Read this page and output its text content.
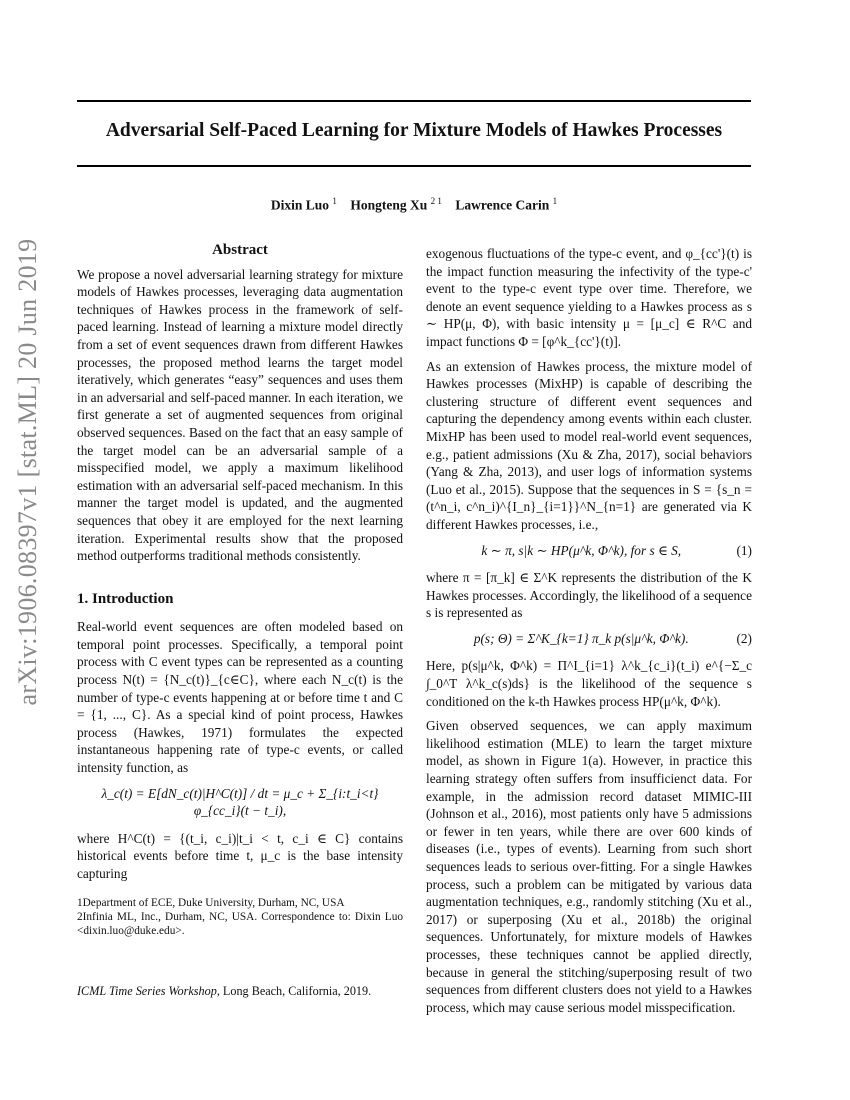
arXiv:1906.08397v1 [stat.ML] 20 Jun 2019
Adversarial Self-Paced Learning for Mixture Models of Hawkes Processes
Dixin Luo $^1$ Hongteng Xu $^{2 1}$ Lawrence Carin $^1$
Abstract

We propose a novel adversarial learning strategy for mixture models of Hawkes processes, leveraging data augmentation techniques of Hawkes process in the framework of self-paced learning. Instead of learning a mixture model directly from a set of event sequences drawn from different Hawkes processes, the proposed method learns the target model iteratively, which generates “easy” sequences and uses them in an adversarial and self-paced manner. In each iteration, we first generate a set of augmented sequences from original observed sequences. Based on the fact that an easy sample of the target model can be an adversarial sample of a misspecified model, we apply a maximum likelihood estimation with an adversarial self-paced mechanism. In this manner the target model is updated, and the augmented sequences that obey it are employed for the next learning iteration. Experimental results show that the proposed method outperforms traditional methods consistently.

1. Introduction

Real-world event sequences are often modeled based on temporal point processes. Specifically, a temporal point process with C event types can be represented as a counting process N(t) = {N_c(t)}_{c∈C}, where each N_c(t) is the number of type-c events happening at or before time t and C = {1, ..., C}. As a special kind of point process, Hawkes process (Hawkes, 1971) formulates the expected instantaneous happening rate of type-c events, or called intensity function, as

λ_c(t) = E[dN_c(t)|H^C(t)] / dt = μ_c + Σ_{i:t_i<t} φ_{cc_i}(t − t_i),

where H^C(t) = {(t_i, c_i)|t_i < t, c_i ∈ C} contains historical events before time t, μ_c is the base intensity capturing

1Department of ECE, Duke University, Durham, NC, USA

2Infinia ML, Inc., Durham, NC, USA. Correspondence to: Dixin Luo <dixin.luo@duke.edu>.

ICML Time Series Workshop, Long Beach, California, 2019.

exogenous fluctuations of the type-c event, and φ_{cc'}(t) is the impact function measuring the infectivity of the type-c' event to the type-c event type over time. Therefore, we denote an event sequence yielding to a Hawkes process as s ∼ HP(μ, Φ), with basic intensity μ = [μ_c] ∈ R^C and impact functions Φ = [φ^k_{cc'}(t)].

As an extension of Hawkes process, the mixture model of Hawkes processes (MixHP) is capable of describing the clustering structure of different event sequences and capturing the dependency among events within each cluster. MixHP has been used to model real-world event sequences, e.g., patient admissions (Xu & Zha, 2017), social behaviors (Yang & Zha, 2013), and user logs of information systems (Luo et al., 2015). Suppose that the sequences in S = {s_n = (t^n_i, c^n_i)^{I_n}_{i=1}}^N_{n=1} are generated via K different Hawkes processes, i.e.,

k ∼ π, s|k ∼ HP(μ^k, Φ^k), for s ∈ S,	(1)

where π = [π_k] ∈ Σ^K represents the distribution of the K Hawkes processes. Accordingly, the likelihood of a sequence s is represented as

p(s; Θ) = Σ^K_{k=1} π_k p(s|μ^k, Φ^k).	(2)

Here, p(s|μ^k, Φ^k) = Π^I_{i=1} λ^k_{c_i}(t_i) e^{−Σ_c ∫_0^T λ^k_c(s)ds} is the likelihood of the sequence s conditioned on the k-th Hawkes process HP(μ^k, Φ^k).

Given observed sequences, we can apply maximum likelihood estimation (MLE) to learn the target mixture model, as shown in Figure 1(a). However, in practice this learning strategy often suffers from insufficienct data. For example, in the admission record dataset MIMIC-III (Johnson et al., 2016), most patients only have 5 admissions or fewer in ten years, while there are over 600 kinds of diseases (i.e., types of events). Learning from such short sequences leads to serious over-fitting. For a single Hawkes process, such a problem can be mitigated by various data augmentation techniques, e.g., randomly stitching (Xu et al., 2017) or superposing (Xu et al., 2018b) the original sequences. Unfortunately, for mixture models of Hawkes processes, these techniques cannot be applied directly, because in general the stitching/superposing result of two sequences from different clusters does not yield to a Hawkes process, which may cause serious model misspecification.
